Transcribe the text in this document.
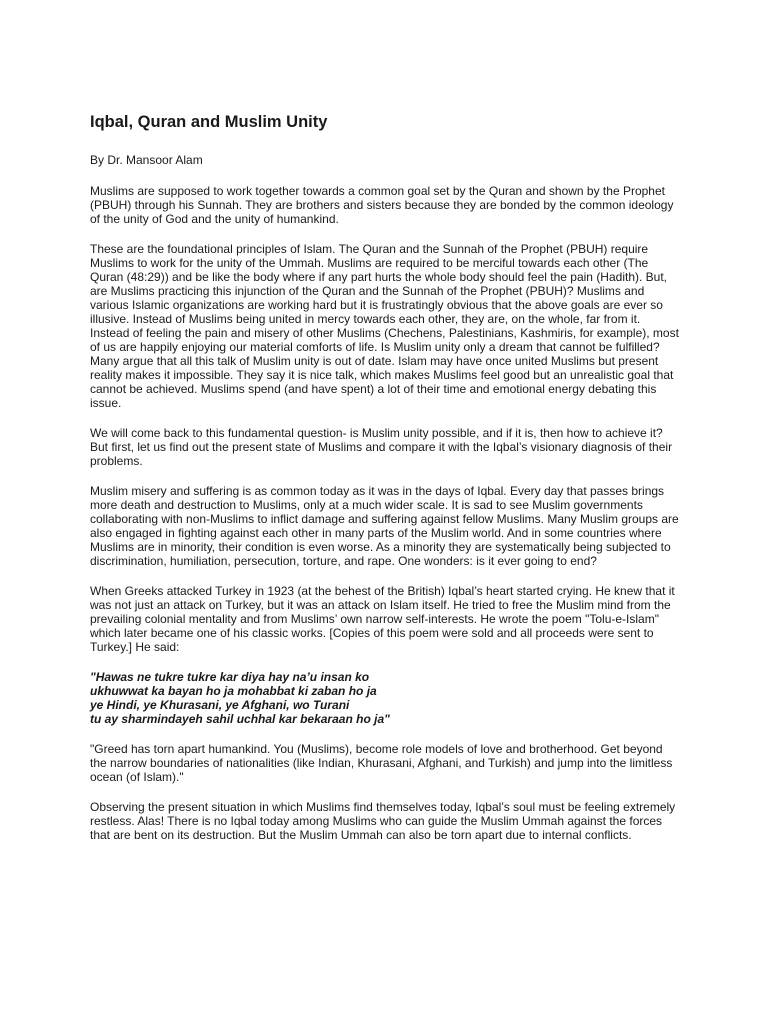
Iqbal, Quran and Muslim Unity

By Dr. Mansoor Alam

Muslims are supposed to work together towards a common goal set by the Quran and shown by the Prophet (PBUH) through his Sunnah. They are brothers and sisters because they are bonded by the common ideology of the unity of God and the unity of humankind.

These are the foundational principles of Islam. The Quran and the Sunnah of the Prophet (PBUH) require Muslims to work for the unity of the Ummah. Muslims are required to be merciful towards each other (The Quran (48:29)) and be like the body where if any part hurts the whole body should feel the pain (Hadith). But, are Muslims practicing this injunction of the Quran and the Sunnah of the Prophet (PBUH)? Muslims and various Islamic organizations are working hard but it is frustratingly obvious that the above goals are ever so illusive. Instead of Muslims being united in mercy towards each other, they are, on the whole, far from it. Instead of feeling the pain and misery of other Muslims (Chechens, Palestinians, Kashmiris, for example), most of us are happily enjoying our material comforts of life. Is Muslim unity only a dream that cannot be fulfilled? Many argue that all this talk of Muslim unity is out of date. Islam may have once united Muslims but present reality makes it impossible. They say it is nice talk, which makes Muslims feel good but an unrealistic goal that cannot be achieved. Muslims spend (and have spent) a lot of their time and emotional energy debating this issue.

We will come back to this fundamental question- is Muslim unity possible, and if it is, then how to achieve it? But first, let us find out the present state of Muslims and compare it with the Iqbal’s visionary diagnosis of their problems.

Muslim misery and suffering is as common today as it was in the days of Iqbal. Every day that passes brings more death and destruction to Muslims, only at a much wider scale. It is sad to see Muslim governments collaborating with non-Muslims to inflict damage and suffering against fellow Muslims. Many Muslim groups are also engaged in fighting against each other in many parts of the Muslim world. And in some countries where Muslims are in minority, their condition is even worse. As a minority they are systematically being subjected to discrimination, humiliation, persecution, torture, and rape. One wonders: is it ever going to end?

When Greeks attacked Turkey in 1923 (at the behest of the British) Iqbal’s heart started crying. He knew that it was not just an attack on Turkey, but it was an attack on Islam itself. He tried to free the Muslim mind from the prevailing colonial mentality and from Muslims’ own narrow self-interests. He wrote the poem "Tolu-e-Islam" which later became one of his classic works. [Copies of this poem were sold and all proceeds were sent to Turkey.] He said:

"Hawas ne tukre tukre kar diya hay na’u insan ko
ukhuwwat ka bayan ho ja mohabbat ki zaban ho ja
ye Hindi, ye Khurasani, ye Afghani, wo Turani
tu ay sharmindayeh sahil uchhal kar bekaraan ho ja"

"Greed has torn apart humankind. You (Muslims), become role models of love and brotherhood. Get beyond the narrow boundaries of nationalities (like Indian, Khurasani, Afghani, and Turkish) and jump into the limitless ocean (of Islam)."

Observing the present situation in which Muslims find themselves today, Iqbal’s soul must be feeling extremely restless. Alas! There is no Iqbal today among Muslims who can guide the Muslim Ummah against the forces that are bent on its destruction. But the Muslim Ummah can also be torn apart due to internal conflicts.
